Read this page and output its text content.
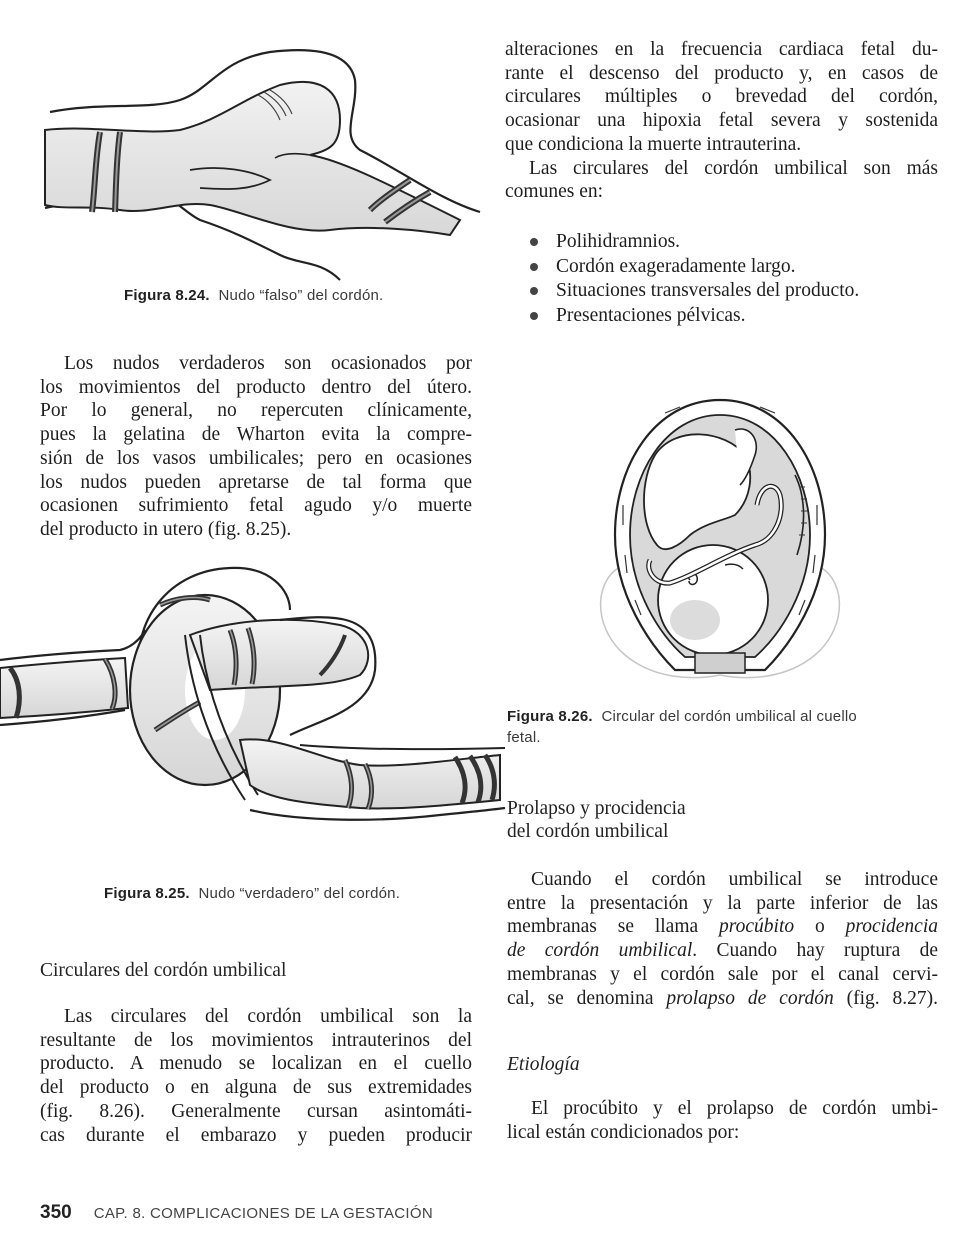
Figura 8.24. Nudo “falso” del cordón.
Los nudos verdaderos son ocasionados por
los movimientos del producto dentro del útero.
Por lo general, no repercuten clínicamente,
pues la gelatina de Wharton evita la compre-
sión de los vasos umbilicales; pero en ocasiones
los nudos pueden apretarse de tal forma que
ocasionen sufrimiento fetal agudo y/o muerte
del producto in utero (fig. 8.25).
Figura 8.25. Nudo “verdadero” del cordón.
Circulares del cordón umbilical
Las circulares del cordón umbilical son la
resultante de los movimientos intrauterinos del
producto. A menudo se localizan en el cuello
del producto o en alguna de sus extremidades
(fig. 8.26). Generalmente cursan asintomáti-
cas durante el embarazo y pueden producir
alteraciones en la frecuencia cardiaca fetal du-
rante el descenso del producto y, en casos de
circulares múltiples o brevedad del cordón,
ocasionar una hipoxia fetal severa y sostenida
que condiciona la muerte intrauterina.
Las circulares del cordón umbilical son más
comunes en:
Polihidramnios.
Cordón exageradamente largo.
Situaciones transversales del producto.
Presentaciones pélvicas.
Figura 8.26. Circular del cordón umbilical al cuello
fetal.
Prolapso y procidencia
del cordón umbilical
Cuando el cordón umbilical se introduce
entre la presentación y la parte inferior de las
membranas se llama procúbito o procidencia
de cordón umbilical. Cuando hay ruptura de
membranas y el cordón sale por el canal cervi-
cal, se denomina prolapso de cordón (fig. 8.27).
Etiología
El procúbito y el prolapso de cordón umbi-
lical están condicionados por:
350 CAP. 8. COMPLICACIONES DE LA GESTACIÓN
